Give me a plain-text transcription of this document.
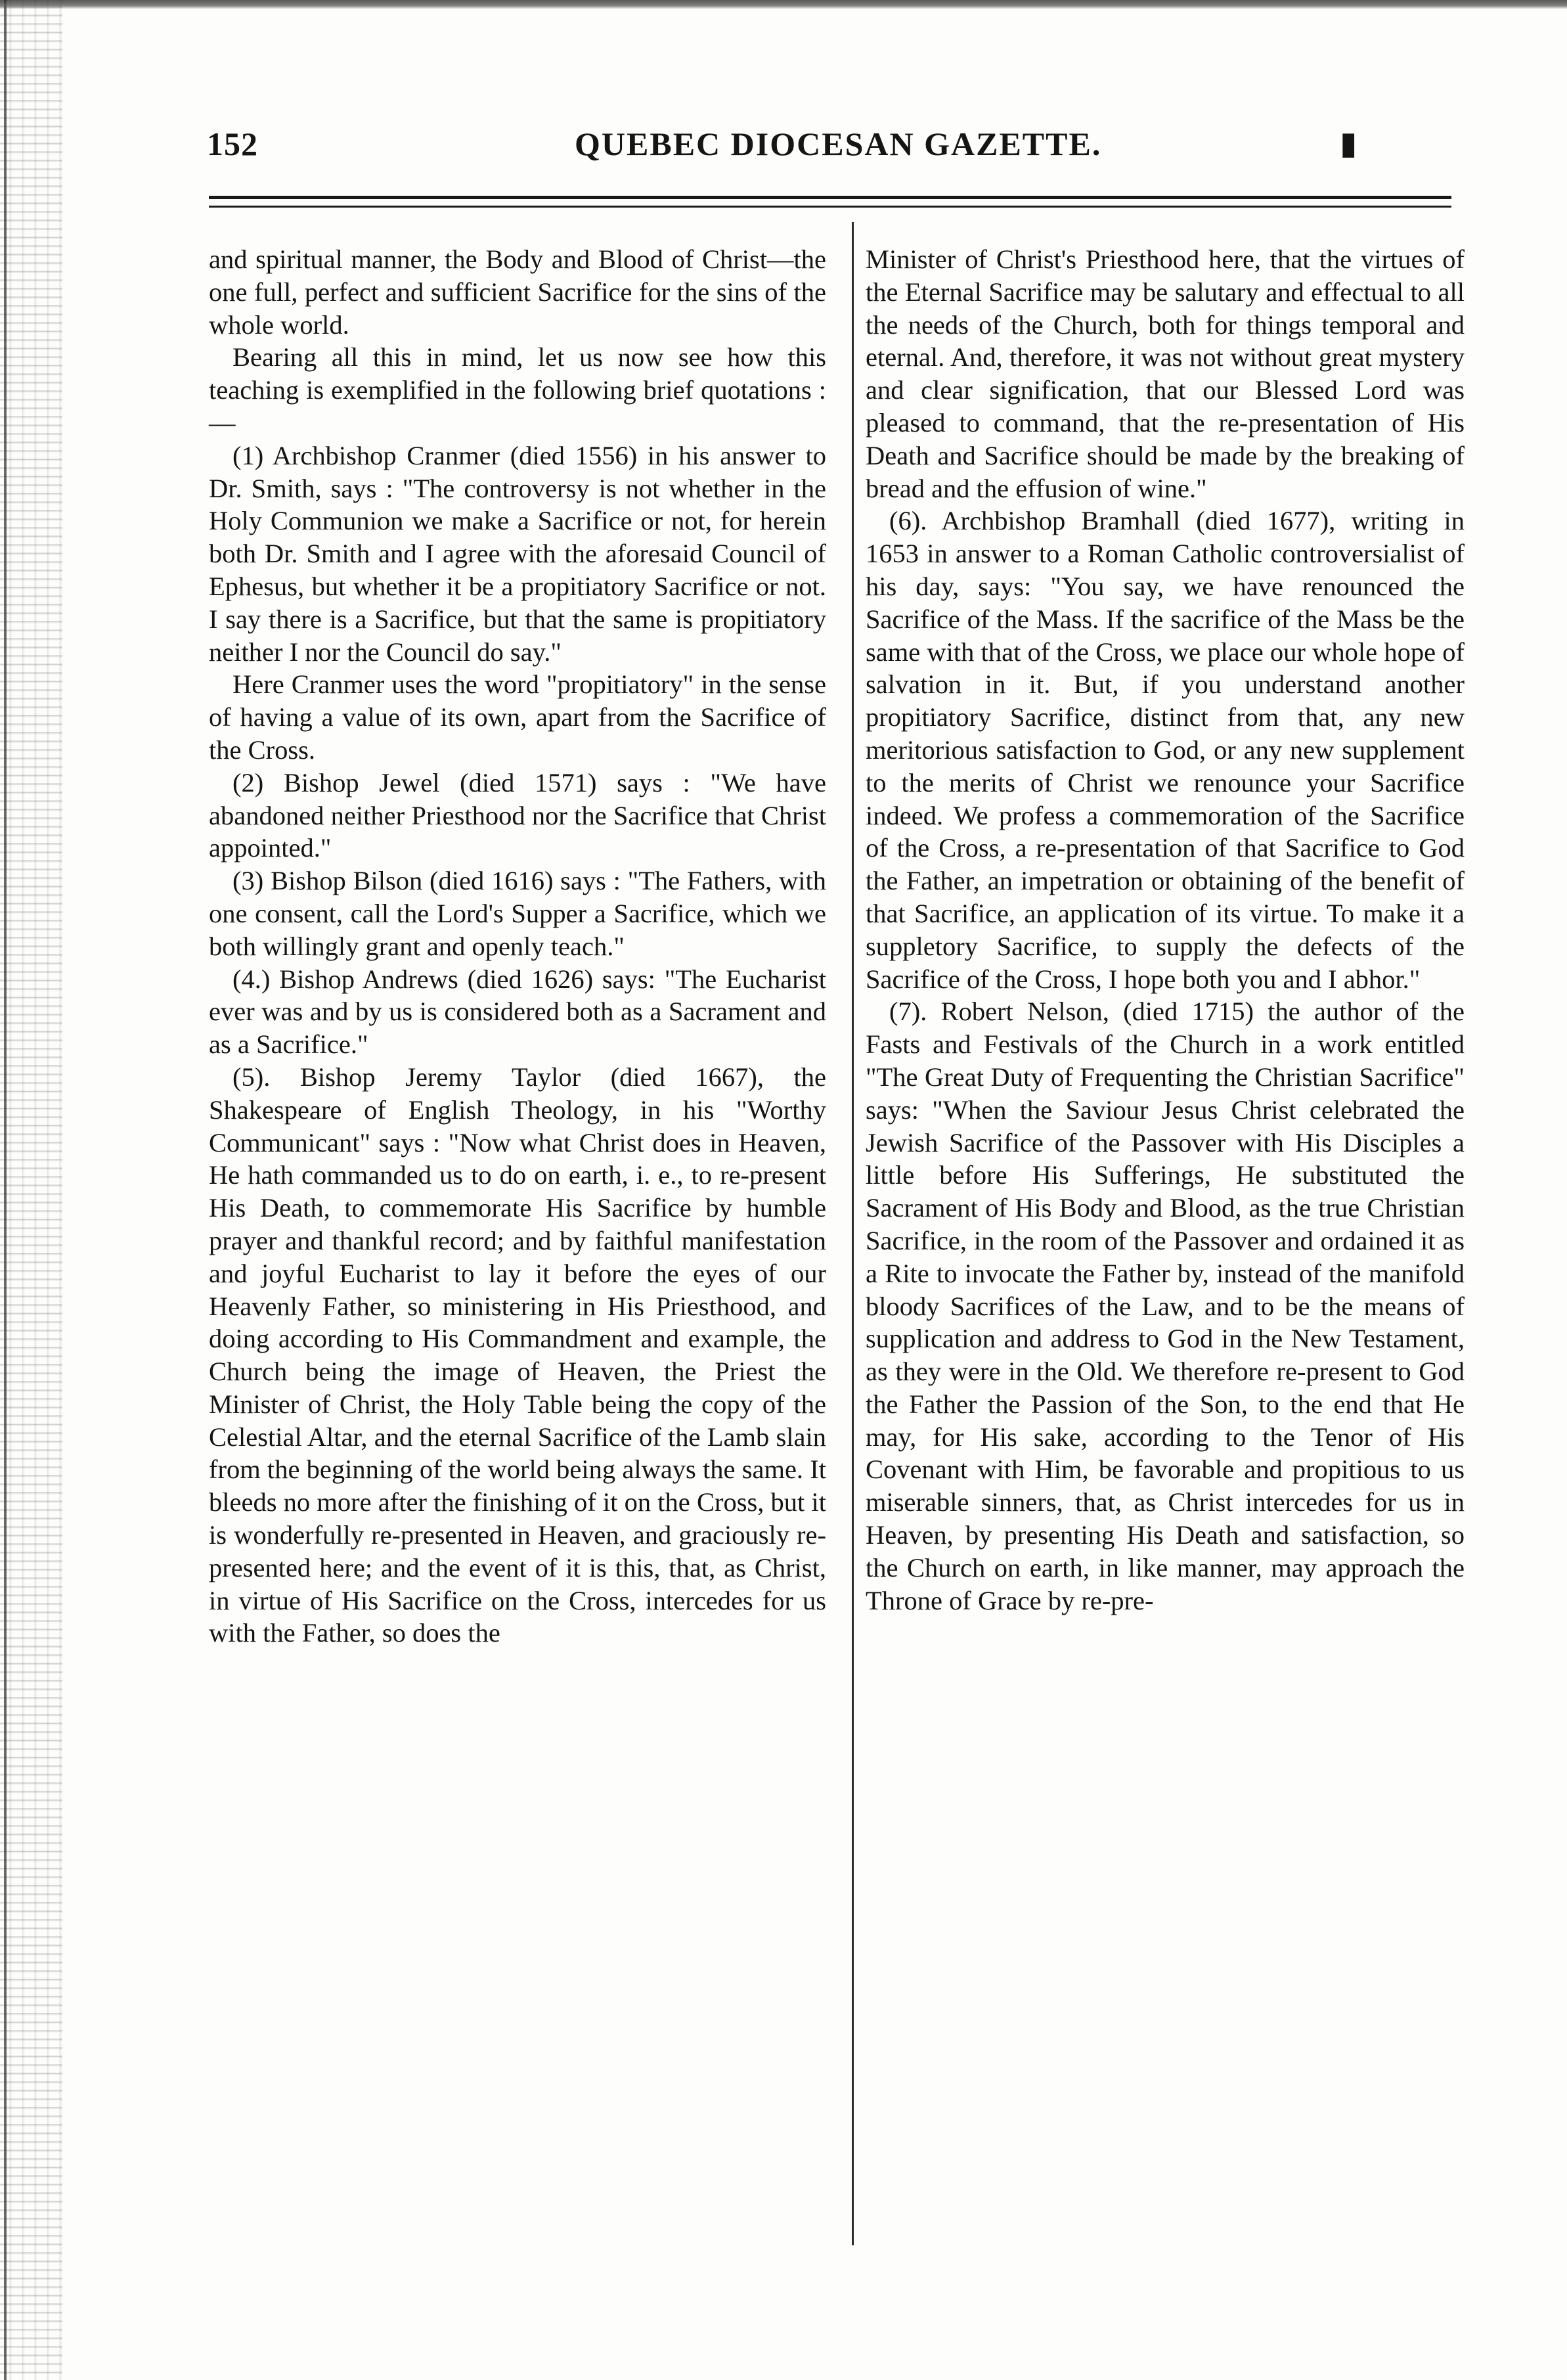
152	QUEBEC DIOCESAN GAZETTE.	▮

and spiritual manner, the Body and Blood of Christ—the one full, perfect and sufficient Sacrifice for the sins of the whole world.

Bearing all this in mind, let us now see how this teaching is exemplified in the following brief quotations :—

(1) Archbishop Cranmer (died 1556) in his answer to Dr. Smith, says : "The controversy is not whether in the Holy Communion we make a Sacrifice or not, for herein both Dr. Smith and I agree with the aforesaid Council of Ephesus, but whether it be a propitiatory Sacrifice or not. I say there is a Sacrifice, but that the same is propitiatory neither I nor the Council do say."

Here Cranmer uses the word "propitiatory" in the sense of having a value of its own, apart from the Sacrifice of the Cross.

(2) Bishop Jewel (died 1571) says : "We have abandoned neither Priesthood nor the Sacrifice that Christ appointed."

(3) Bishop Bilson (died 1616) says : "The Fathers, with one consent, call the Lord's Supper a Sacrifice, which we both willingly grant and openly teach."

(4.) Bishop Andrews (died 1626) says: "The Eucharist ever was and by us is considered both as a Sacrament and as a Sacrifice."

(5). Bishop Jeremy Taylor (died 1667), the Shakespeare of English Theology, in his "Worthy Communicant" says : "Now what Christ does in Heaven, He hath commanded us to do on earth, i. e., to re-present His Death, to commemorate His Sacrifice by humble prayer and thankful record; and by faithful manifestation and joyful Eucharist to lay it before the eyes of our Heavenly Father, so ministering in His Priesthood, and doing according to His Commandment and example, the Church being the image of Heaven, the Priest the Minister of Christ, the Holy Table being the copy of the Celestial Altar, and the eternal Sacrifice of the Lamb slain from the beginning of the world being always the same. It bleeds no more after the finishing of it on the Cross, but it is wonderfully re-presented in Heaven, and graciously re-presented here; and the event of it is this, that, as Christ, in virtue of His Sacrifice on the Cross, intercedes for us with the Father, so does the

Minister of Christ's Priesthood here, that the virtues of the Eternal Sacrifice may be salutary and effectual to all the needs of the Church, both for things temporal and eternal. And, therefore, it was not without great mystery and clear signification, that our Blessed Lord was pleased to command, that the re-presentation of His Death and Sacrifice should be made by the breaking of bread and the effusion of wine."

(6). Archbishop Bramhall (died 1677), writing in 1653 in answer to a Roman Catholic controversialist of his day, says: "You say, we have renounced the Sacrifice of the Mass. If the sacrifice of the Mass be the same with that of the Cross, we place our whole hope of salvation in it. But, if you understand another propitiatory Sacrifice, distinct from that, any new meritorious satisfaction to God, or any new supplement to the merits of Christ we renounce your Sacrifice indeed. We profess a commemoration of the Sacrifice of the Cross, a re-presentation of that Sacrifice to God the Father, an impetration or obtaining of the benefit of that Sacrifice, an application of its virtue. To make it a suppletory Sacrifice, to supply the defects of the Sacrifice of the Cross, I hope both you and I abhor."

(7). Robert Nelson, (died 1715) the author of the Fasts and Festivals of the Church in a work entitled "The Great Duty of Frequenting the Christian Sacrifice" says: "When the Saviour Jesus Christ celebrated the Jewish Sacrifice of the Passover with His Disciples a little before His Sufferings, He substituted the Sacrament of His Body and Blood, as the true Christian Sacrifice, in the room of the Passover and ordained it as a Rite to invocate the Father by, instead of the manifold bloody Sacrifices of the Law, and to be the means of supplication and address to God in the New Testament, as they were in the Old. We therefore re-present to God the Father the Passion of the Son, to the end that He may, for His sake, according to the Tenor of His Covenant with Him, be favorable and propitious to us miserable sinners, that, as Christ intercedes for us in Heaven, by presenting His Death and satisfaction, so the Church on earth, in like manner, may approach the Throne of Grace by re-pre-
